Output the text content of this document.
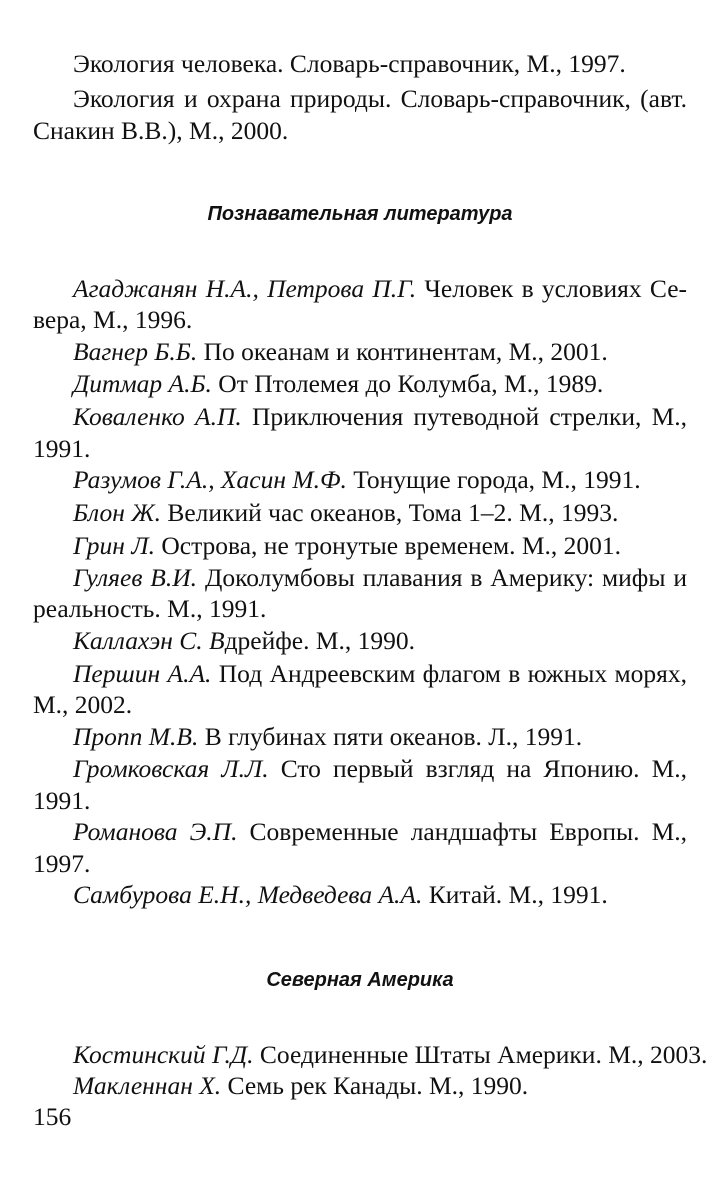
Экология человека. Словарь-справочник, М., 1997.
Экология и охрана природы. Словарь-справочник, (авт.
Снакин В.В.), М., 2000.
Познавательная литература
Агаджанян Н.А., Петрова П.Г. Человек в условиях Се-
вера, М., 1996.
Вагнер Б.Б. По океанам и континентам, М., 2001.
Дитмар А.Б. От Птолемея до Колумба, М., 1989.
Коваленко А.П. Приключения путеводной стрелки, М.,
1991.
Разумов Г.А., Хасин М.Ф. Тонущие города, М., 1991.
Блон Ж. Великий час океанов, Тома 1–2. М., 1993.
Грин Л. Острова, не тронутые временем. М., 2001.
Гуляев В.И. Доколумбовы плавания в Америку: мифы и
реальность. М., 1991.
Каллахэн С. Вдрейфе. М., 1990.
Першин А.А. Под Андреевским флагом в южных морях,
М., 2002.
Пропп М.В. В глубинах пяти океанов. Л., 1991.
Громковская Л.Л. Сто первый взгляд на Японию. М.,
1991.
Романова Э.П. Современные ландшафты Европы. М.,
1997.
Самбурова Е.Н., Медведева А.А. Китай. М., 1991.
Северная Америка
Костинский Г.Д. Соединенные Штаты Америки. М., 2003.
Макленнан Х. Семь рек Канады. М., 1990.
156
